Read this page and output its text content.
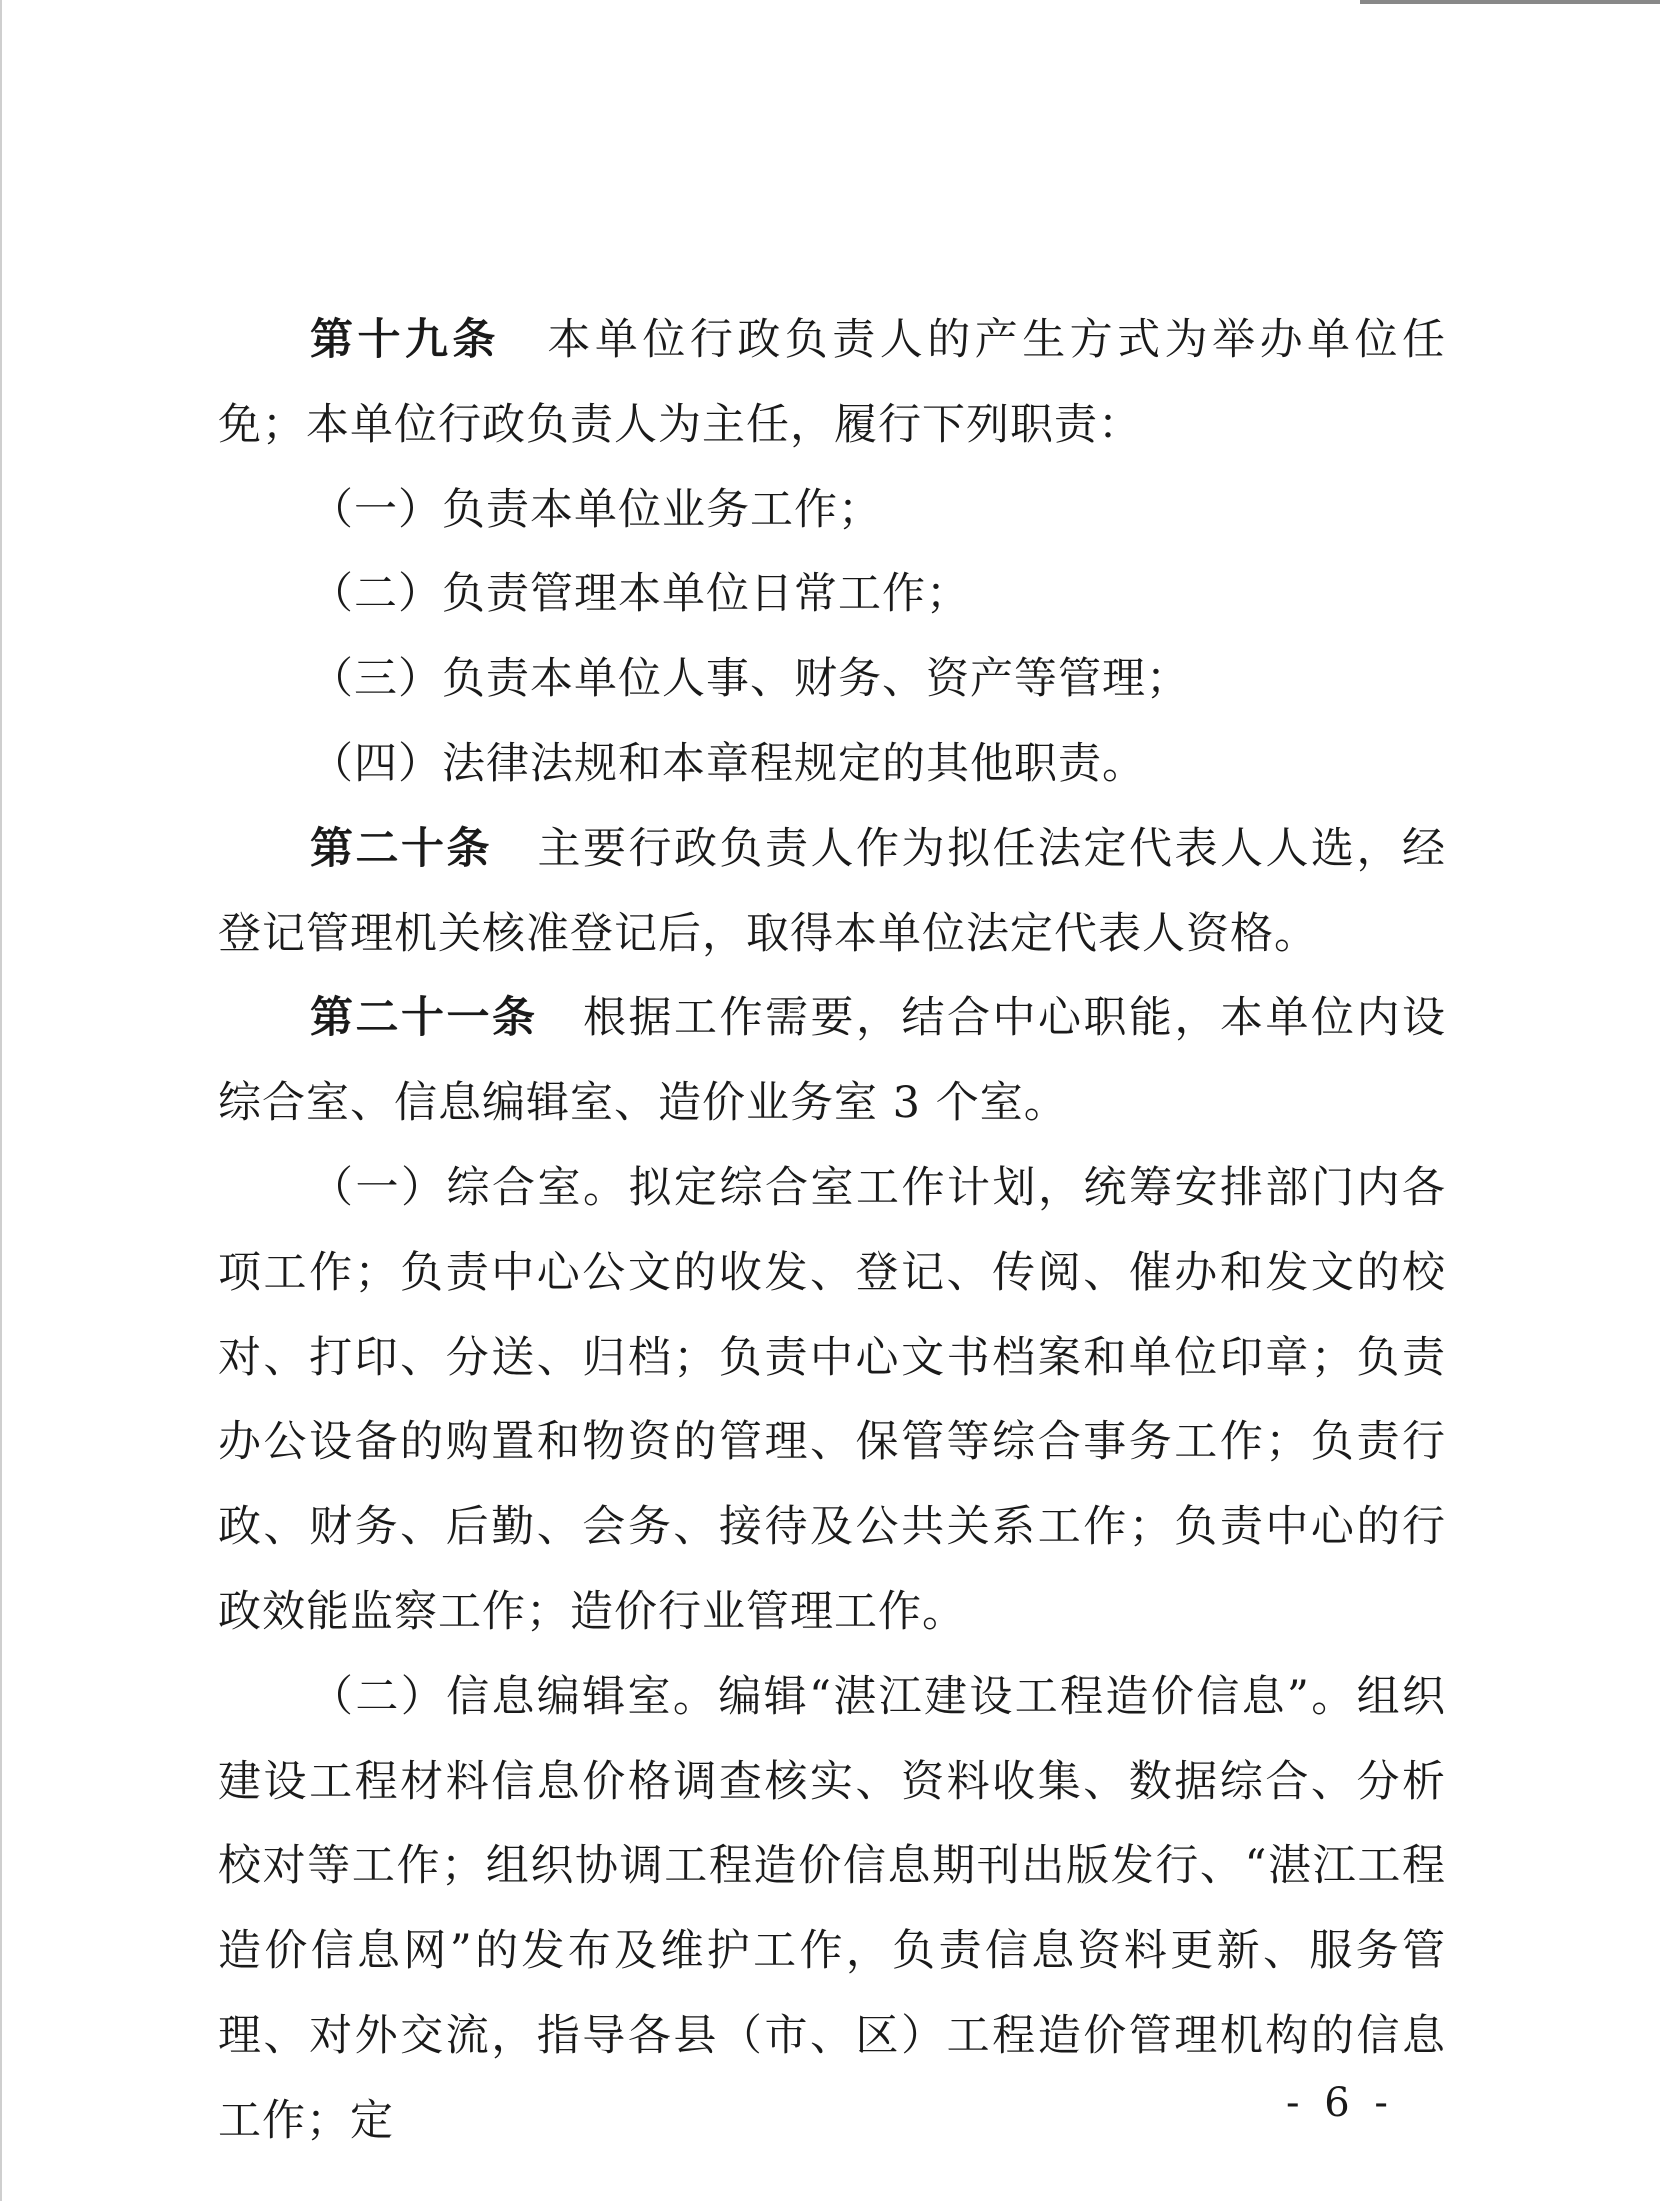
第十九条　 本单位行政负责人的产生方式为举办单位任免；本单位行政负责人为主任，履行下列职责：

（一）负责本单位业务工作；

（二）负责管理本单位日常工作；

（三）负责本单位人事、财务、资产等管理；

（四）法律法规和本章程规定的其他职责。

第二十条　 主要行政负责人作为拟任法定代表人人选，经登记管理机关核准登记后，取得本单位法定代表人资格。

第二十一条　 根据工作需要，结合中心职能，本单位内设综合室、信息编辑室、造价业务室 3 个室。

（一）综合室。拟定综合室工作计划，统筹安排部门内各项工作；负责中心公文的收发、登记、传阅、催办和发文的校对、打印、分送、归档；负责中心文书档案和单位印章；负责办公设备的购置和物资的管理、保管等综合事务工作；负责行政、财务、后勤、会务、接待及公共关系工作；负责中心的行政效能监察工作；造价行业管理工作。

（二）信息编辑室。编辑“湛江建设工程造价信息”。组织建设工程材料信息价格调查核实、资料收集、数据综合、分析校对等工作；组织协调工程造价信息期刊出版发行、“湛江工程造价信息网”的发布及维护工作，负责信息资料更新、服务管理、对外交流，指导各县（市、区）工程造价管理机构的信息工作；定	- 6 -
